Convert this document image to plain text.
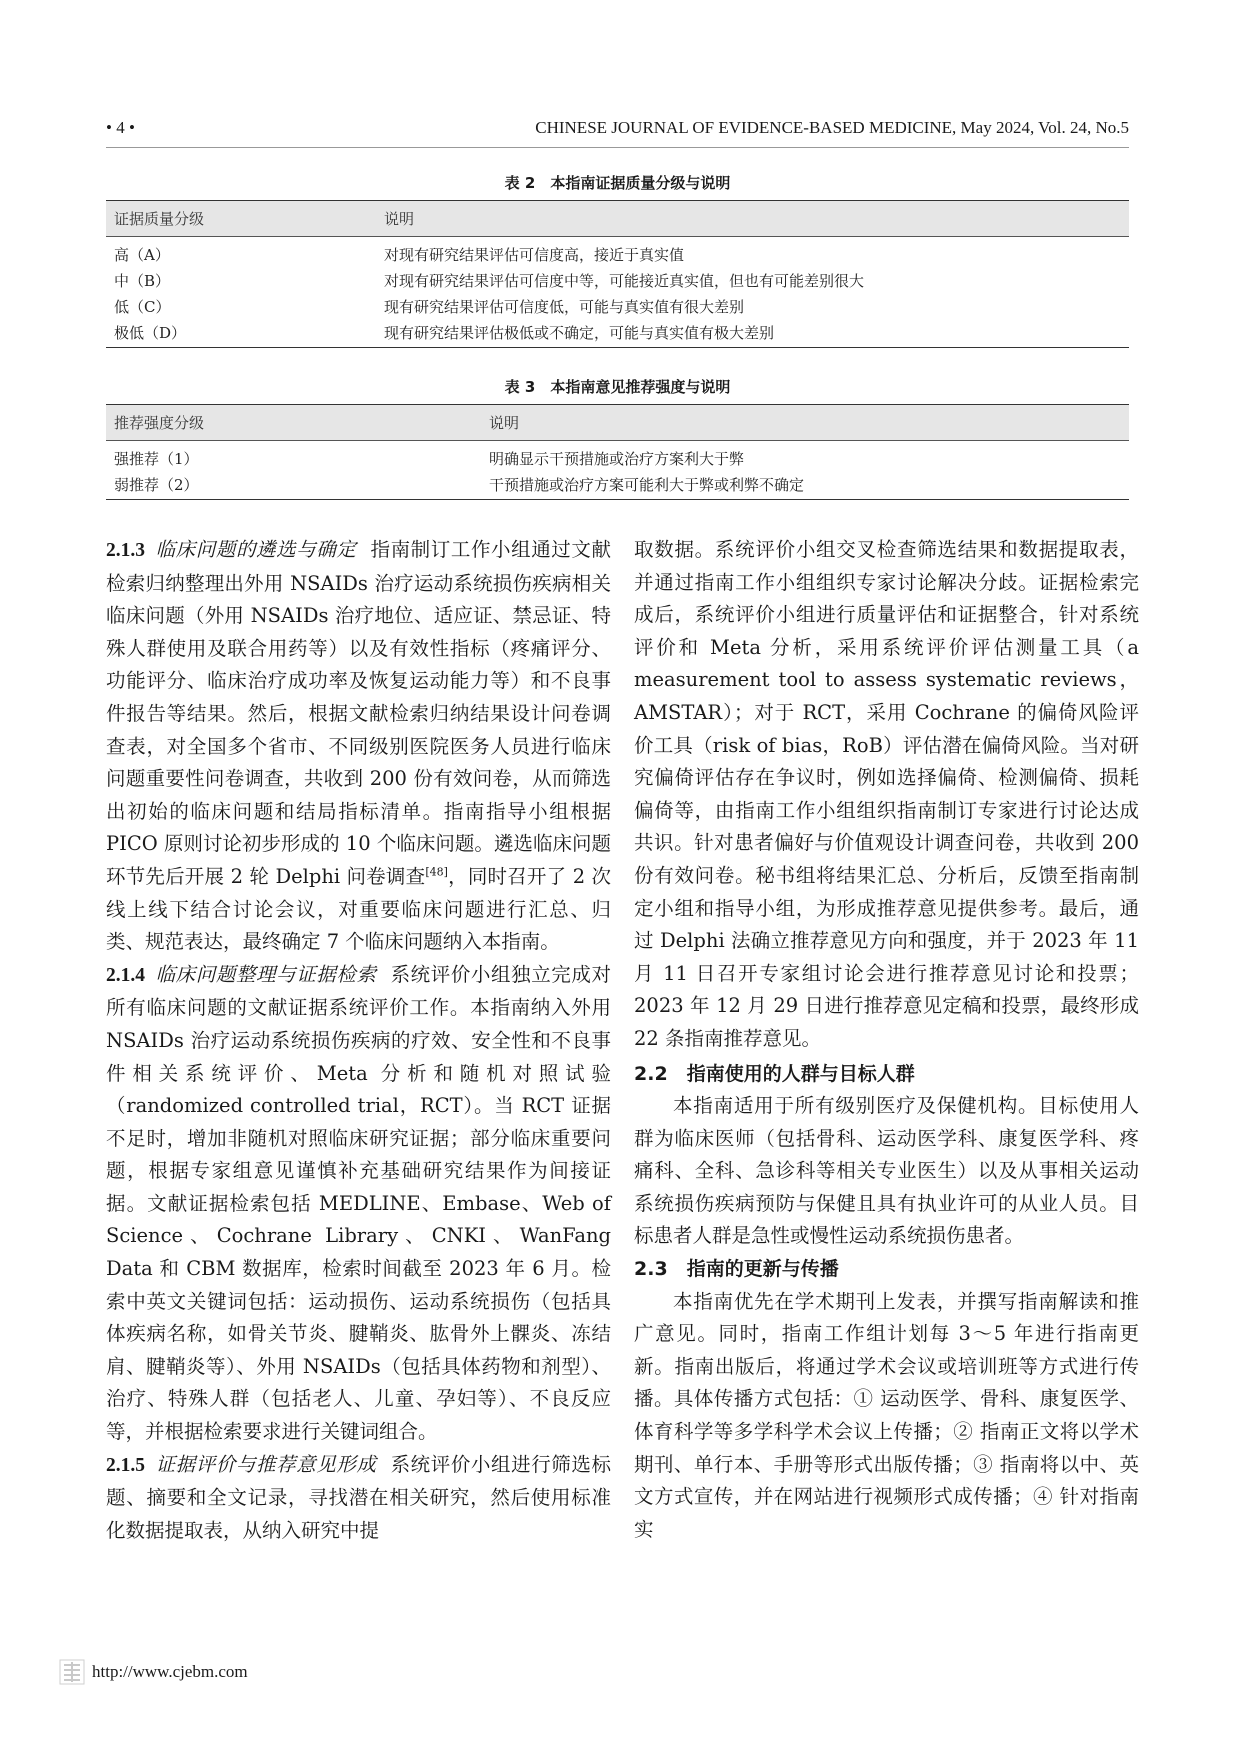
• 4 •	CHINESE JOURNAL OF EVIDENCE-BASED MEDICINE, May 2024, Vol. 24, No.5
表 2　本指南证据质量分级与说明
证据质量分级	说明
高（A）	对现有研究结果评估可信度高，接近于真实值
中（B）	对现有研究结果评估可信度中等，可能接近真实值，但也有可能差别很大
低（C）	现有研究结果评估可信度低，可能与真实值有很大差别
极低（D）	现有研究结果评估极低或不确定，可能与真实值有极大差别
表 3　本指南意见推荐强度与说明
推荐强度分级	说明
强推荐（1）	明确显示干预措施或治疗方案利大于弊
弱推荐（2）	干预措施或治疗方案可能利大于弊或利弊不确定

2.1.3 临床问题的遴选与确定 指南制订工作小组通过文献检索归纳整理出外用 NSAIDs 治疗运动系统损伤疾病相关临床问题（外用 NSAIDs 治疗地位、适应证、禁忌证、特殊人群使用及联合用药等）以及有效性指标（疼痛评分、功能评分、临床治疗成功率及恢复运动能力等）和不良事件报告等结果。然后，根据文献检索归纳结果设计问卷调查表，对全国多个省市、不同级别医院医务人员进行临床问题重要性问卷调查，共收到 200 份有效问卷，从而筛选出初始的临床问题和结局指标清单。指南指导小组根据 PICO 原则讨论初步形成的 10 个临床问题。遴选临床问题环节先后开展 2 轮 Delphi 问卷调查[48]，同时召开了 2 次线上线下结合讨论会议，对重要临床问题进行汇总、归类、规范表达，最终确定 7 个临床问题纳入本指南。

2.1.4 临床问题整理与证据检索 系统评价小组独立完成对所有临床问题的文献证据系统评价工作。本指南纳入外用 NSAIDs 治疗运动系统损伤疾病的疗效、安全性和不良事件相关系统评价、Meta 分析和随机对照试验（randomized controlled trial，RCT）。当 RCT 证据不足时，增加非随机对照临床研究证据；部分临床重要问题，根据专家组意见谨慎补充基础研究结果作为间接证据。文献证据检索包括 MEDLINE、Embase、Web of Science、Cochrane Library、CNKI、WanFang Data 和 CBM 数据库，检索时间截至 2023 年 6 月。检索中英文关键词包括：运动损伤、运动系统损伤（包括具体疾病名称，如骨关节炎、腱鞘炎、肱骨外上髁炎、冻结肩、腱鞘炎等）、外用 NSAIDs（包括具体药物和剂型）、治疗、特殊人群（包括老人、儿童、孕妇等）、不良反应等，并根据检索要求进行关键词组合。

2.1.5 证据评价与推荐意见形成 系统评价小组进行筛选标题、摘要和全文记录，寻找潜在相关研究，然后使用标准化数据提取表，从纳入研究中提

取数据。系统评价小组交叉检查筛选结果和数据提取表，并通过指南工作小组组织专家讨论解决分歧。证据检索完成后，系统评价小组进行质量评估和证据整合，针对系统评价和 Meta 分析，采用系统评价评估测量工具（a measurement tool to assess systematic reviews，AMSTAR）；对于 RCT，采用 Cochrane 的偏倚风险评价工具（risk of bias，RoB）评估潜在偏倚风险。当对研究偏倚评估存在争议时，例如选择偏倚、检测偏倚、损耗偏倚等，由指南工作小组组织指南制订专家进行讨论达成共识。针对患者偏好与价值观设计调查问卷，共收到 200 份有效问卷。秘书组将结果汇总、分析后，反馈至指南制定小组和指导小组，为形成推荐意见提供参考。最后，通过 Delphi 法确立推荐意见方向和强度，并于 2023 年 11 月 11 日召开专家组讨论会进行推荐意见讨论和投票；2023 年 12 月 29 日进行推荐意见定稿和投票，最终形成 22 条指南推荐意见。

2.2　 指南使用的人群与目标人群

本指南适用于所有级别医疗及保健机构。目标使用人群为临床医师（包括骨科、运动医学科、康复医学科、疼痛科、全科、急诊科等相关专业医生）以及从事相关运动系统损伤疾病预防与保健且具有执业许可的从业人员。目标患者人群是急性或慢性运动系统损伤患者。

2.3　 指南的更新与传播

本指南优先在学术期刊上发表，并撰写指南解读和推广意见。同时，指南工作组计划每 3～5 年进行指南更新。指南出版后，将通过学术会议或培训班等方式进行传播。具体传播方式包括：① 运动医学、骨科、康复医学、体育科学等多学科学术会议上传播；② 指南正文将以学术期刊、单行本、手册等形式出版传播；③ 指南将以中、英文方式宣传，并在网站进行视频形式成传播；④ 针对指南实

http://www.cjebm.com
